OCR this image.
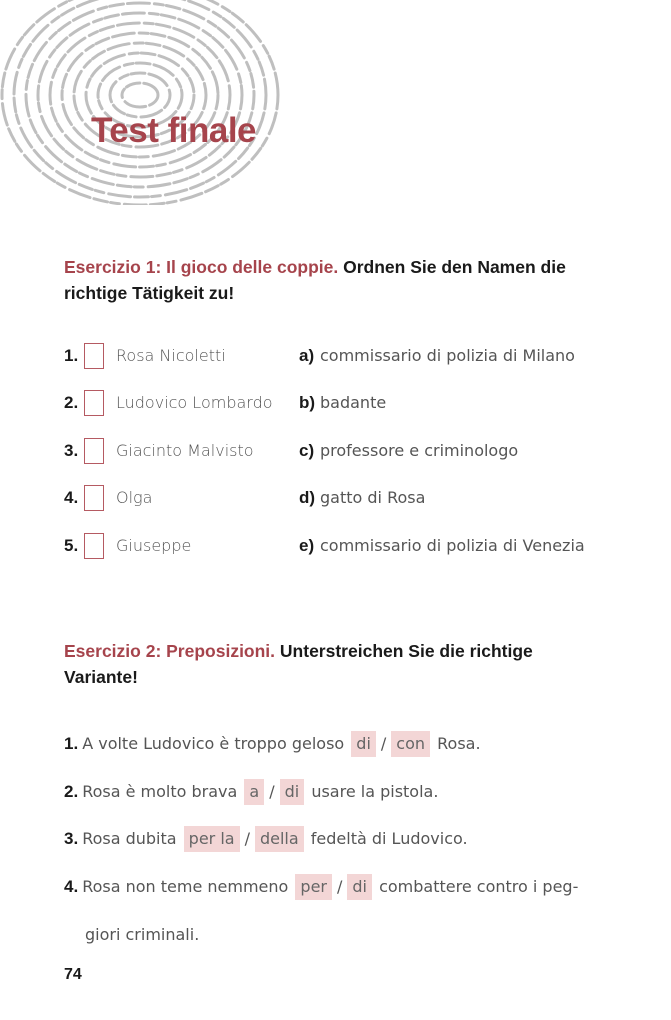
Test finale
Esercizio 1: Il gioco delle coppie. Ordnen Sie den Namen die
richtige Tätigkeit zu!
1. Rosa Nicoletti	a) commissario di polizia di Milano
2. Ludovico Lombardo b) badante
3. Giacinto Malvisto	c) professore e criminologo
4. Olga	d) gatto di Rosa
5. Giuseppe	e) commissario di polizia di Venezia
Esercizio 2: Preposizioni. Unterstreichen Sie die richtige
Variante!
1. A volte Ludovico è troppo geloso di / con Rosa.
2. Rosa è molto brava a / di usare la pistola.
3. Rosa dubita per la / della fedeltà di Ludovico.
4. Rosa non teme nemmeno per / di combattere contro i peg-
giori criminali.
74
